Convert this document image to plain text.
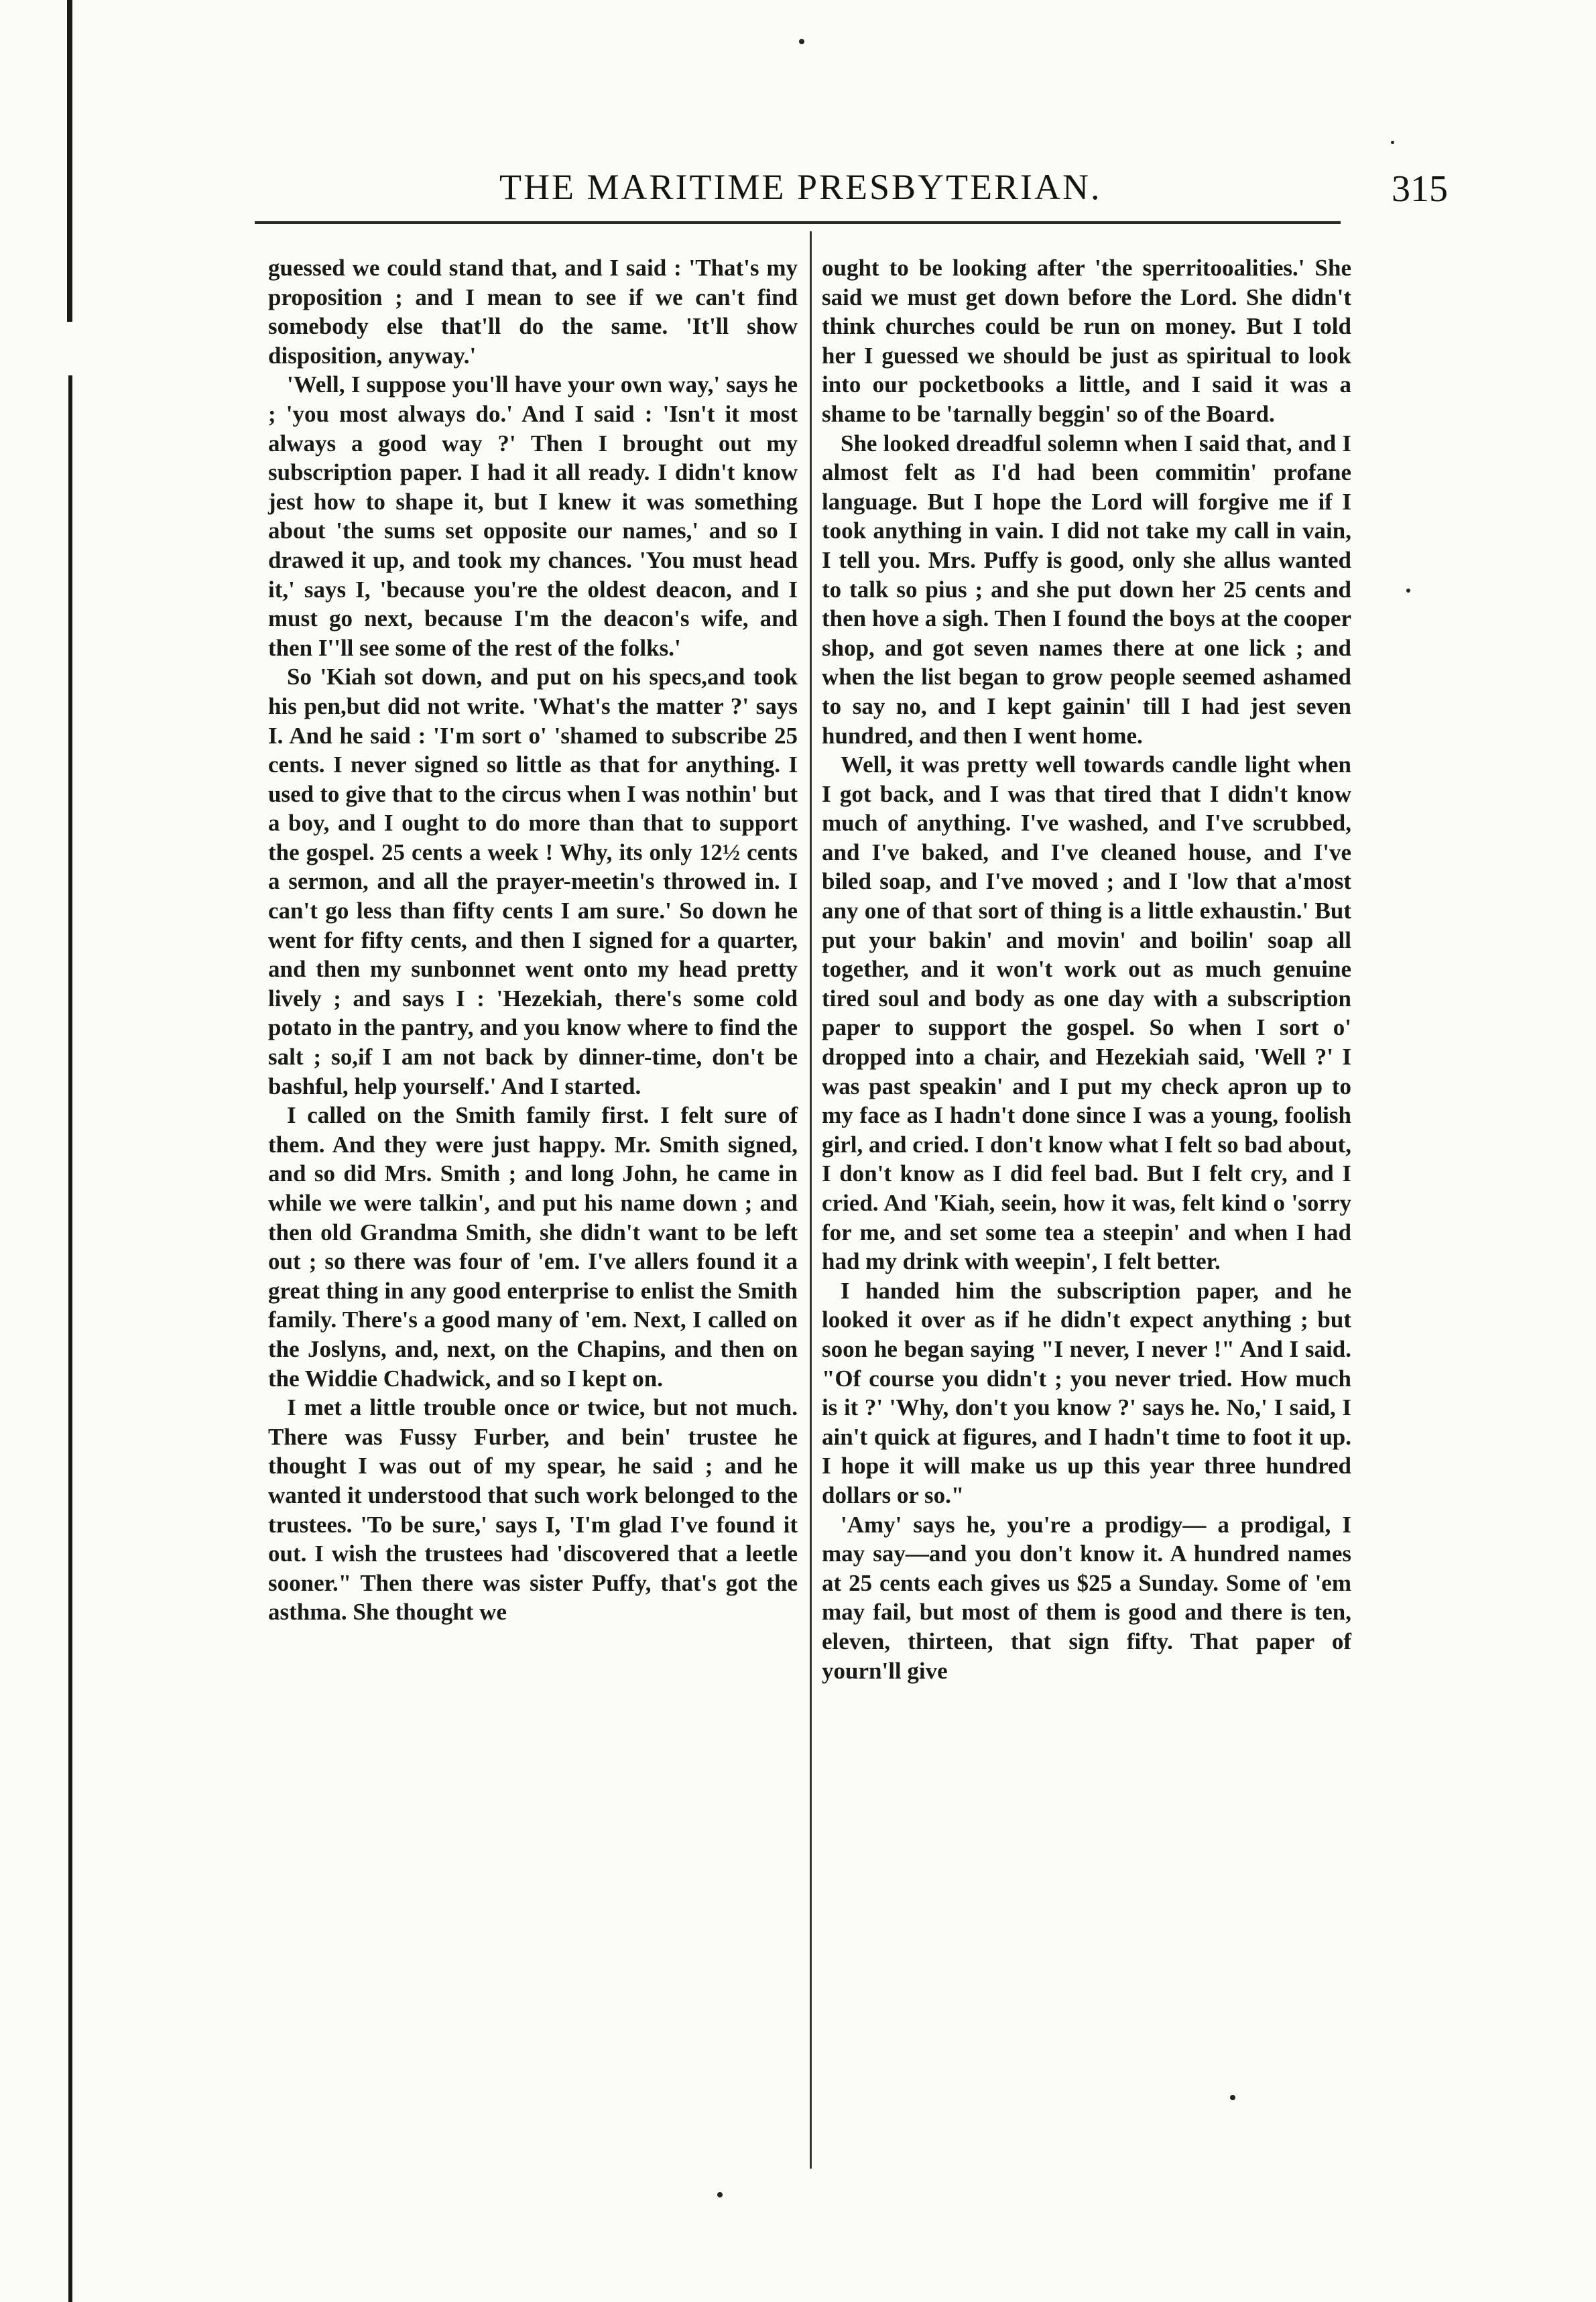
THE MARITIME PRESBYTERIAN.	315

guessed we could stand that, and I said : 'That's my proposition ; and I mean to see if we can't find somebody else that'll do the same. 'It'll show disposition, anyway.'

'Well, I suppose you'll have your own way,' says he ; 'you most always do.' And I said : 'Isn't it most always a good way ?' Then I brought out my subscription paper. I had it all ready. I didn't know jest how to shape it, but I knew it was something about 'the sums set opposite our names,' and so I drawed it up, and took my chances. 'You must head it,' says I, 'because you're the oldest deacon, and I must go next, because I'm the deacon's wife, and then I''ll see some of the rest of the folks.'

So 'Kiah sot down, and put on his specs,and took his pen,but did not write. 'What's the matter ?' says I. And he said : 'I'm sort o' 'shamed to subscribe 25 cents. I never signed so little as that for anything. I used to give that to the circus when I was nothin' but a boy, and I ought to do more than that to support the gospel. 25 cents a week ! Why, its only 12½ cents a sermon, and all the prayer-meetin's throwed in. I can't go less than fifty cents I am sure.' So down he went for fifty cents, and then I signed for a quarter, and then my sunbonnet went onto my head pretty lively ; and says I : 'Hezekiah, there's some cold potato in the pantry, and you know where to find the salt ; so,if I am not back by dinner-time, don't be bashful, help yourself.' And I started.

I called on the Smith family first. I felt sure of them. And they were just happy. Mr. Smith signed, and so did Mrs. Smith ; and long John, he came in while we were talkin', and put his name down ; and then old Grandma Smith, she didn't want to be left out ; so there was four of 'em. I've allers found it a great thing in any good enterprise to enlist the Smith family. There's a good many of 'em. Next, I called on the Joslyns, and, next, on the Chapins, and then on the Widdie Chadwick, and so I kept on.

I met a little trouble once or twice, but not much. There was Fussy Furber, and bein' trustee he thought I was out of my spear, he said ; and he wanted it understood that such work belonged to the trustees. 'To be sure,' says I, 'I'm glad I've found it out. I wish the trustees had 'discovered that a leetle sooner." Then there was sister Puffy, that's got the asthma. She thought we

ought to be looking after 'the sperritooalities.' She said we must get down before the Lord. She didn't think churches could be run on money. But I told her I guessed we should be just as spiritual to look into our pocketbooks a little, and I said it was a shame to be 'tarnally beggin' so of the Board.

She looked dreadful solemn when I said that, and I almost felt as I'd had been commitin' profane language. But I hope the Lord will forgive me if I took anything in vain. I did not take my call in vain, I tell you. Mrs. Puffy is good, only she allus wanted to talk so pius ; and she put down her 25 cents and then hove a sigh. Then I found the boys at the cooper shop, and got seven names there at one lick ; and when the list began to grow people seemed ashamed to say no, and I kept gainin' till I had jest seven hundred, and then I went home.

Well, it was pretty well towards candle light when I got back, and I was that tired that I didn't know much of anything. I've washed, and I've scrubbed, and I've baked, and I've cleaned house, and I've biled soap, and I've moved ; and I 'low that a'most any one of that sort of thing is a little exhaustin.' But put your bakin' and movin' and boilin' soap all together, and it won't work out as much genuine tired soul and body as one day with a subscription paper to support the gospel. So when I sort o' dropped into a chair, and Hezekiah said, 'Well ?' I was past speakin' and I put my check apron up to my face as I hadn't done since I was a young, foolish girl, and cried. I don't know what I felt so bad about, I don't know as I did feel bad. But I felt cry, and I cried. And 'Kiah, seein, how it was, felt kind o 'sorry for me, and set some tea a steepin' and when I had had my drink with weepin', I felt better.

I handed him the subscription paper, and he looked it over as if he didn't expect anything ; but soon he began saying "I never, I never !" And I said. "Of course you didn't ; you never tried. How much is it ?' 'Why, don't you know ?' says he. No,' I said, I ain't quick at figures, and I hadn't time to foot it up. I hope it will make us up this year three hundred dollars or so."

'Amy' says he, you're a prodigy— a prodigal, I may say—and you don't know it. A hundred names at 25 cents each gives us $25 a Sunday. Some of 'em may fail, but most of them is good and there is ten, eleven, thirteen, that sign fifty. That paper of yourn'll give
